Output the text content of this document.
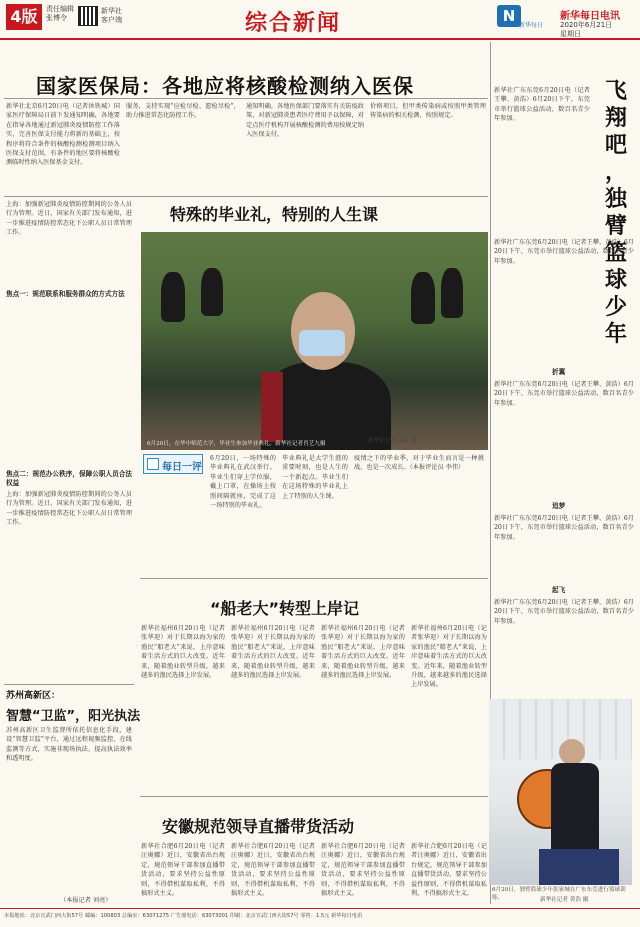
4版	责任编辑
张博令
新华社
客户端	综合新闻	N
新华每日
新华每日电讯
2020年6月21日
星期日
国家医保局：各地应将核酸检测纳入医保
新华社北京6月20日电（记者沐铁城）国家医疗保障局日前下发通知明确，各地要在指导各地通过新冠肺炎疫情防控工作落实，完善医保支付能力将新的基础上，按程序将符合条件的核酸检测检测项目纳入医保支付范围，有条件的地区要将核酸检测临时性纳入医保基金支付。
服务，支持实现“应检尽检、愿检尽检”，助力推进常态化防控工作。
通知明确，各地医保部门要落实有关防疫政策，对新冠肺炎患者医疗费用予以保障，对定点医疗机构开展核酸检测的费用按规定纳入医保支付。
价格项目，但甲类传染病或按照甲类管理传染病的相关检测，按照规定。
上海：加强新冠肺炎疫情防控期间的公务人员行为管理。近日，国家有关部门发布通知，进一步推进疫情防控常态化下公职人员日常管理工作。
焦点一：规范联系和服务群众的方式方法
焦点二：规范办公秩序，保障公职人员合法权益
上海：加强新冠肺炎疫情防控期间的公务人员行为管理。近日，国家有关部门发布通知，进一步推进疫情防控常态化下公职人员日常管理工作。
特殊的毕业礼，特别的人生课
6月20日，在华中师范大学，毕业生参加毕业典礼。新华社记者肖艺九摄
每日一评
6月20日，一场特殊的毕业典礼在武汉举行。毕业生们穿上学位服，戴上口罩，在操场上按照间隔就座，完成了这一场特别的毕业礼。
毕业典礼是大学生涯的重要时刻，也是人生的一个新起点。毕业生们在这场特殊的毕业礼上上了特别的人生课。
疫情之下的毕业季，对于毕业生而言是一种挑战，也是一次成长。（本报评论员 李伟）
新华社记者 周奇 摄
“船老大”转型上岸记
新华社福州6月20日电（记者张华迎）对于长期以海为家的渔民“船老大”来说，上岸意味着生活方式的巨大改变。近年来，随着渔业转型升级，越来越多的渔民选择上岸发展。
新华社福州6月20日电（记者张华迎）对于长期以海为家的渔民“船老大”来说，上岸意味着生活方式的巨大改变。近年来，随着渔业转型升级，越来越多的渔民选择上岸发展。
新华社福州6月20日电（记者张华迎）对于长期以海为家的渔民“船老大”来说，上岸意味着生活方式的巨大改变。近年来，随着渔业转型升级，越来越多的渔民选择上岸发展。
新华社福州6月20日电（记者张华迎）对于长期以海为家的渔民“船老大”来说，上岸意味着生活方式的巨大改变。近年来，随着渔业转型升级，越来越多的渔民选择上岸发展。
苏州高新区：
智慧“卫监”，阳光执法
苏州高新区卫生监督所依托信息化手段，建设“智慧卫监”平台，通过远程视频监控、在线监测等方式，实施非现场执法，提高执法效率和透明度。
（本报记者 刘亮）
安徽规范领导直播带货活动
新华社合肥6月20日电（记者汪奥娜）近日，安徽省出台规定，规范领导干部参加直播带货活动，要求坚持公益性原则，不得借机谋取私利，不得搞形式主义。
新华社合肥6月20日电（记者汪奥娜）近日，安徽省出台规定，规范领导干部参加直播带货活动，要求坚持公益性原则，不得借机谋取私利，不得搞形式主义。
新华社合肥6月20日电（记者汪奥娜）近日，安徽省出台规定，规范领导干部参加直播带货活动，要求坚持公益性原则，不得借机谋取私利，不得搞形式主义。
新华社合肥6月20日电（记者汪奥娜）近日，安徽省出台规定，规范领导干部参加直播带货活动，要求坚持公益性原则，不得借机谋取私利，不得搞形式主义。
新华社广东东莞6月20日电（记者王攀、黄浩）6月20日下午，东莞市举行篮球公益活动，数百名青少年参加。
飞
翔
吧
，
独
臂
篮
球
少
年
新华社广东东莞6月20日电（记者王攀、黄浩）6月20日下午，东莞市举行篮球公益活动，数百名青少年参加。
折翼
新华社广东东莞6月20日电（记者王攀、黄浩）6月20日下午，东莞市举行篮球公益活动，数百名青少年参加。
追梦
新华社广东东莞6月20日电（记者王攀、黄浩）6月20日下午，东莞市举行篮球公益活动，数百名青少年参加。
起飞
新华社广东东莞6月20日电（记者王攀、黄浩）6月20日下午，东莞市举行篮球公益活动，数百名青少年参加。
6月20日，独臂篮球少年张家城在广东东莞进行篮球训练。	新华社记者 黄浩 摄
本报地址：北京宣武门西大街57号 邮编：100803 总编室：63071275 广告部电话：63073001 印刷：北京宣武门西大街57号 零售：1.5元 新华每日电讯
